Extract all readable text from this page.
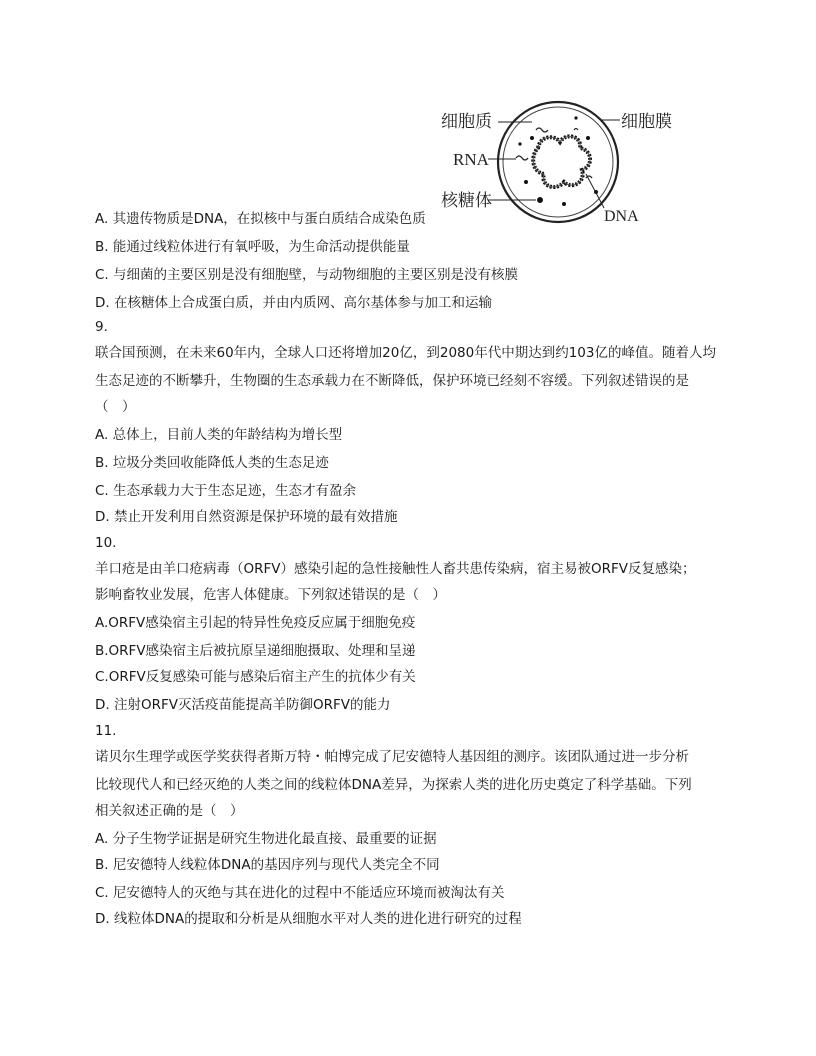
细胞质	细胞膜
RNA
核糖体
DNA

A. 其遗传物质是DNA，在拟核中与蛋白质结合成染色质

B. 能通过线粒体进行有氧呼吸，为生命活动提供能量

C. 与细菌的主要区别是没有细胞壁，与动物细胞的主要区别是没有核膜

D. 在核糖体上合成蛋白质，并由内质网、高尔基体参与加工和运输

9.

联合国预测，在未来60年内，全球人口还将增加20亿，到2080年代中期达到约103亿的峰值。随着人均

生态足迹的不断攀升，生物圈的生态承载力在不断降低，保护环境已经刻不容缓。下列叙述错误的是

（　）

A. 总体上，目前人类的年龄结构为增长型

B. 垃圾分类回收能降低人类的生态足迹

C. 生态承载力大于生态足迹，生态才有盈余

D. 禁止开发利用自然资源是保护环境的最有效措施

10.

羊口疮是由羊口疮病毒（ORFV）感染引起的急性接触性人畜共患传染病，宿主易被ORFV反复感染；

影响畜牧业发展，危害人体健康。下列叙述错误的是（　）

A.ORFV感染宿主引起的特异性免疫反应属于细胞免疫

B.ORFV感染宿主后被抗原呈递细胞摄取、处理和呈递

C.ORFV反复感染可能与感染后宿主产生的抗体少有关

D. 注射ORFV灭活疫苗能提高羊防御ORFV的能力

11.

诺贝尔生理学或医学奖获得者斯万特・帕博完成了尼安德特人基因组的测序。该团队通过进一步分析

比较现代人和已经灭绝的人类之间的线粒体DNA差异，为探索人类的进化历史奠定了科学基础。下列

相关叙述正确的是（　）

A. 分子生物学证据是研究生物进化最直接、最重要的证据

B. 尼安德特人线粒体DNA的基因序列与现代人类完全不同

C. 尼安德特人的灭绝与其在进化的过程中不能适应环境而被淘汰有关

D. 线粒体DNA的提取和分析是从细胞水平对人类的进化进行研究的过程
